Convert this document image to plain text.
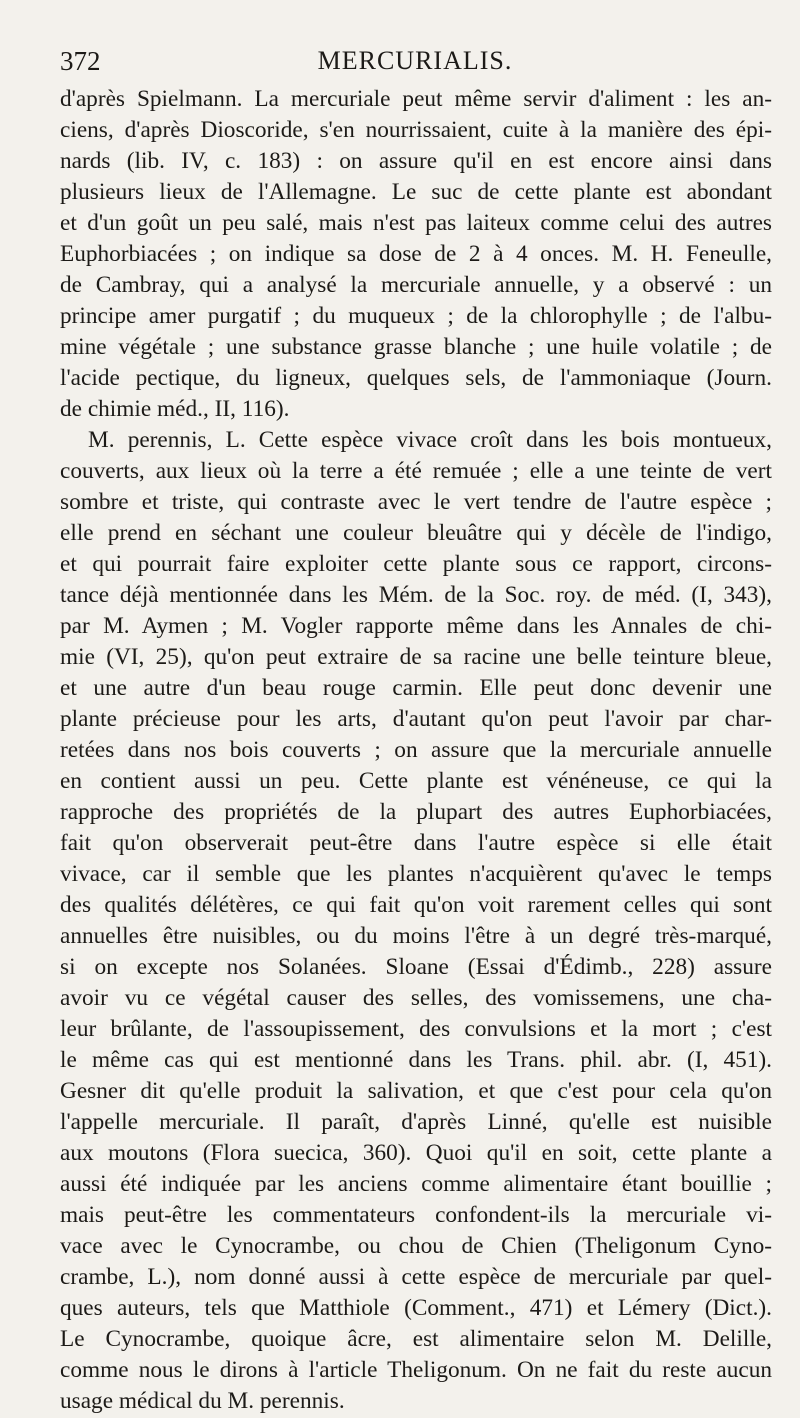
MERCURIALIS.
372
d'après Spielmann. La mercuriale peut même servir d'aliment : les an-
ciens, d'après Dioscoride, s'en nourrissaient, cuite à la manière des épi-
nards (lib. IV, c. 183) : on assure qu'il en est encore ainsi dans
plusieurs lieux de l'Allemagne. Le suc de cette plante est abondant
et d'un goût un peu salé, mais n'est pas laiteux comme celui des autres
Euphorbiacées ; on indique sa dose de 2 à 4 onces. M. H. Feneulle,
de Cambray, qui a analysé la mercuriale annuelle, y a observé : un
principe amer purgatif ; du muqueux ; de la chlorophylle ; de l'albu-
mine végétale ; une substance grasse blanche ; une huile volatile ; de
l'acide pectique, du ligneux, quelques sels, de l'ammoniaque (Journ.
de chimie méd., II, 116).
M. perennis, L. Cette espèce vivace croît dans les bois montueux,
couverts, aux lieux où la terre a été remuée ; elle a une teinte de vert
sombre et triste, qui contraste avec le vert tendre de l'autre espèce ;
elle prend en séchant une couleur bleuâtre qui y décèle de l'indigo,
et qui pourrait faire exploiter cette plante sous ce rapport, circons-
tance déjà mentionnée dans les Mém. de la Soc. roy. de méd. (I, 343),
par M. Aymen ; M. Vogler rapporte même dans les Annales de chi-
mie (VI, 25), qu'on peut extraire de sa racine une belle teinture bleue,
et une autre d'un beau rouge carmin. Elle peut donc devenir une
plante précieuse pour les arts, d'autant qu'on peut l'avoir par char-
retées dans nos bois couverts ; on assure que la mercuriale annuelle
en contient aussi un peu. Cette plante est vénéneuse, ce qui la
rapproche des propriétés de la plupart des autres Euphorbiacées,
fait qu'on observerait peut-être dans l'autre espèce si elle était
vivace, car il semble que les plantes n'acquièrent qu'avec le temps
des qualités délétères, ce qui fait qu'on voit rarement celles qui sont
annuelles être nuisibles, ou du moins l'être à un degré très-marqué,
si on excepte nos Solanées. Sloane (Essai d'Édimb., 228) assure
avoir vu ce végétal causer des selles, des vomissemens, une cha-
leur brûlante, de l'assoupissement, des convulsions et la mort ; c'est
le même cas qui est mentionné dans les Trans. phil. abr. (I, 451).
Gesner dit qu'elle produit la salivation, et que c'est pour cela qu'on
l'appelle mercuriale. Il paraît, d'après Linné, qu'elle est nuisible
aux moutons (Flora suecica, 360). Quoi qu'il en soit, cette plante a
aussi été indiquée par les anciens comme alimentaire étant bouillie ;
mais peut-être les commentateurs confondent-ils la mercuriale vi-
vace avec le Cynocrambe, ou chou de Chien (Theligonum Cyno-
crambe, L.), nom donné aussi à cette espèce de mercuriale par quel-
ques auteurs, tels que Matthiole (Comment., 471) et Lémery (Dict.).
Le Cynocrambe, quoique âcre, est alimentaire selon M. Delille,
comme nous le dirons à l'article Theligonum. On ne fait du reste aucun
usage médical du M. perennis.
